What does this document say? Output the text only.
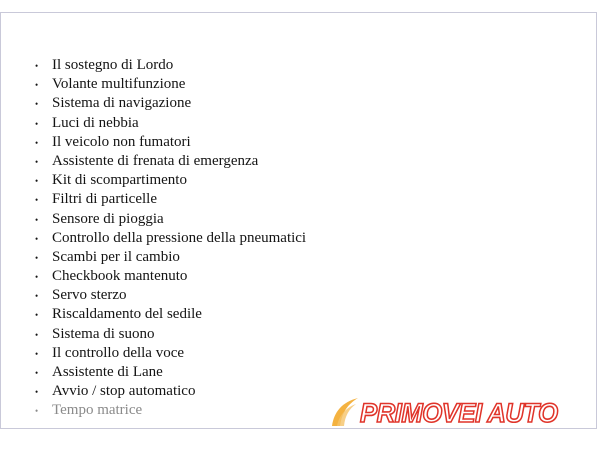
• Il sostegno di Lordo
• Volante multifunzione
• Sistema di navigazione
• Luci di nebbia
• Il veicolo non fumatori
• Assistente di frenata di emergenza
• Kit di scompartimento
• Filtri di particelle
• Sensore di pioggia
• Controllo della pressione della pneumatici
• Scambi per il cambio
• Checkbook mantenuto
• Servo sterzo
• Riscaldamento del sedile
• Sistema di suono
• Il controllo della voce
• Assistente di Lane
• Avvio / stop automatico
• Tempo matrice	PRIMOVEI AUTO
